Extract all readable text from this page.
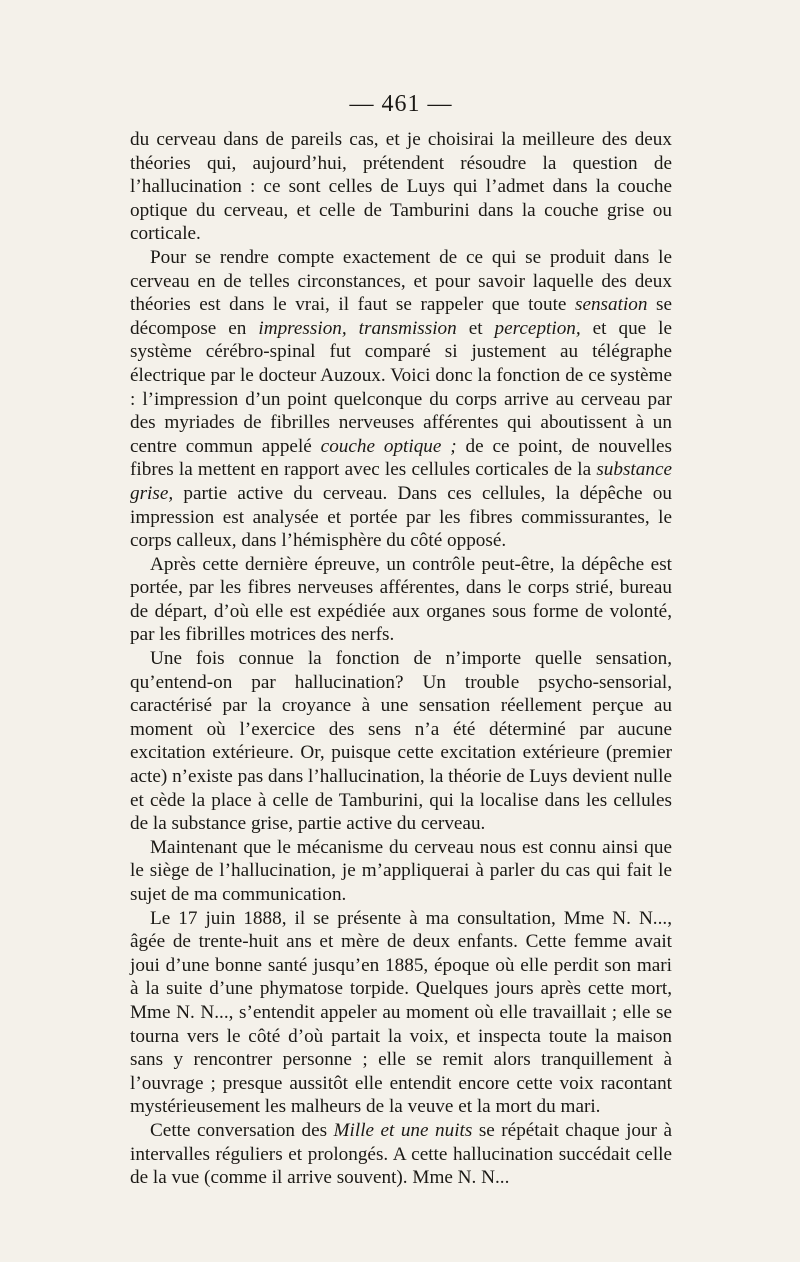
— 461 —

du cerveau dans de pareils cas, et je choisirai la meilleure des deux théories qui, aujourd’hui, prétendent résoudre la question de l’hallucination : ce sont celles de Luys qui l’admet dans la couche optique du cerveau, et celle de Tamburini dans la couche grise ou corticale.

Pour se rendre compte exactement de ce qui se produit dans le cerveau en de telles circonstances, et pour savoir laquelle des deux théories est dans le vrai, il faut se rappeler que toute sensation se décompose en impression, transmission et perception, et que le système cérébro-spinal fut comparé si justement au télégraphe électrique par le docteur Auzoux. Voici donc la fonction de ce système : l’impression d’un point quelconque du corps arrive au cerveau par des myriades de fibrilles nerveuses afférentes qui aboutissent à un centre commun appelé couche optique ; de ce point, de nouvelles fibres la mettent en rapport avec les cellules corticales de la substance grise, partie active du cerveau. Dans ces cellules, la dépêche ou impression est analysée et portée par les fibres commissurantes, le corps calleux, dans l’hémisphère du côté opposé.

Après cette dernière épreuve, un contrôle peut-être, la dépêche est portée, par les fibres nerveuses afférentes, dans le corps strié, bureau de départ, d’où elle est expédiée aux organes sous forme de volonté, par les fibrilles motrices des nerfs.

Une fois connue la fonction de n’importe quelle sensation, qu’entend-on par hallucination? Un trouble psycho-sensorial, caractérisé par la croyance à une sensation réellement perçue au moment où l’exercice des sens n’a été déterminé par aucune excitation extérieure. Or, puisque cette excitation extérieure (premier acte) n’existe pas dans l’hallucination, la théorie de Luys devient nulle et cède la place à celle de Tamburini, qui la localise dans les cellules de la substance grise, partie active du cerveau.

Maintenant que le mécanisme du cerveau nous est connu ainsi que le siège de l’hallucination, je m’appliquerai à parler du cas qui fait le sujet de ma communication.

Le 17 juin 1888, il se présente à ma consultation, Mme N. N..., âgée de trente-huit ans et mère de deux enfants. Cette femme avait joui d’une bonne santé jusqu’en 1885, époque où elle perdit son mari à la suite d’une phymatose torpide. Quelques jours après cette mort, Mme N. N..., s’entendit appeler au moment où elle travaillait ; elle se tourna vers le côté d’où partait la voix, et inspecta toute la maison sans y rencontrer personne ; elle se remit alors tranquillement à l’ouvrage ; presque aussitôt elle entendit encore cette voix racontant mystérieusement les malheurs de la veuve et la mort du mari.

Cette conversation des Mille et une nuits se répétait chaque jour à intervalles réguliers et prolongés. A cette hallucination succédait celle de la vue (comme il arrive souvent). Mme N. N...
